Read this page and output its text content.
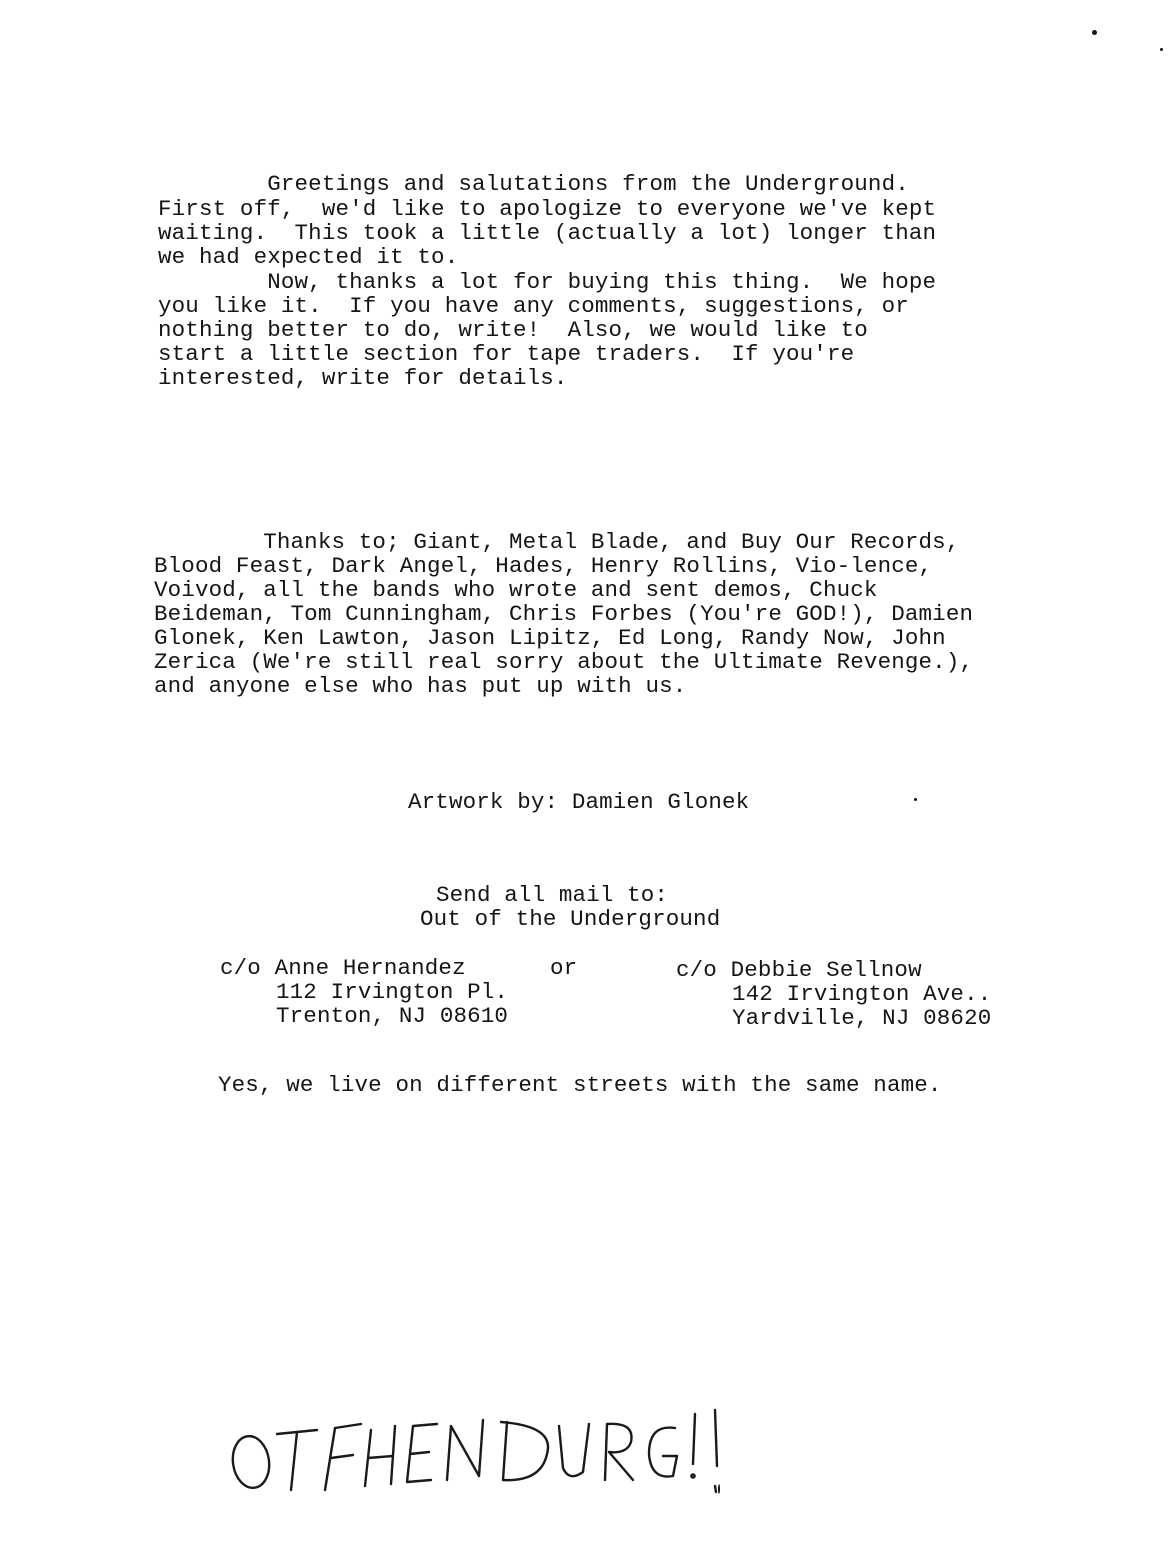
Greetings and salutations from the Underground.
First off,  we'd like to apologize to everyone we've kept
waiting.  This took a little (actually a lot) longer than
we had expected it to.
Now, thanks a lot for buying this thing.  We hope
you like it.  If you have any comments, suggestions, or
nothing better to do, write!  Also, we would like to
start a little section for tape traders.  If you're
interested, write for details.
Thanks to; Giant, Metal Blade, and Buy Our Records,
Blood Feast, Dark Angel, Hades, Henry Rollins, Vio-lence,
Voivod, all the bands who wrote and sent demos, Chuck
Beideman, Tom Cunningham, Chris Forbes (You're GOD!), Damien
Glonek, Ken Lawton, Jason Lipitz, Ed Long, Randy Now, John
Zerica (We're still real sorry about the Ultimate Revenge.),
and anyone else who has put up with us.
Artwork by: Damien Glonek
Send all mail to:
Out of the Underground
c/o Anne Hernandez
112 Irvington Pl.
Trenton, NJ 08610
or	c/o Debbie Sellnow
142 Irvington Ave..
Yardville, NJ 08620
Yes, we live on different streets with the same name.
